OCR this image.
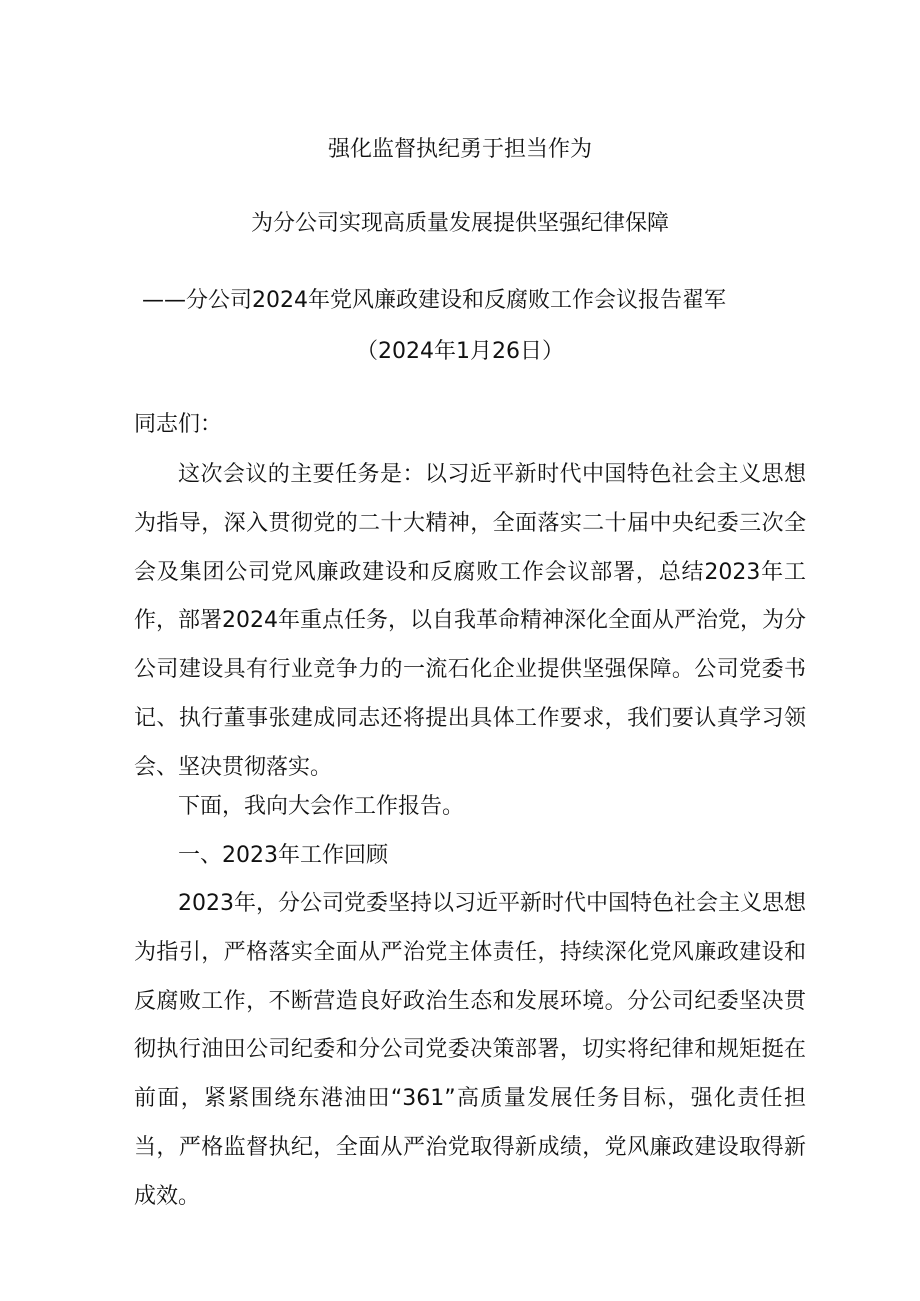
强化监督执纪勇于担当作为
为分公司实现高质量发展提供坚强纪律保障
——分公司2024年党风廉政建设和反腐败工作会议报告翟军
（2024年1月26日）
同志们：
这次会议的主要任务是：以习近平新时代中国特色社会主义思想为指导，深入贯彻党的二十大精神，全面落实二十届中央纪委三次全会及集团公司党风廉政建设和反腐败工作会议部署，总结2023年工作，部署2024年重点任务，以自我革命精神深化全面从严治党，为分公司建设具有行业竞争力的一流石化企业提供坚强保障。公司党委书记、执行董事张建成同志还将提出具体工作要求，我们要认真学习领会、坚决贯彻落实。
下面，我向大会作工作报告。
一、2023年工作回顾
2023年，分公司党委坚持以习近平新时代中国特色社会主义思想为指引，严格落实全面从严治党主体责任，持续深化党风廉政建设和反腐败工作，不断营造良好政治生态和发展环境。分公司纪委坚决贯彻执行油田公司纪委和分公司党委决策部署，切实将纪律和规矩挺在前面，紧紧围绕东港油田“361”高质量发展任务目标，强化责任担当，严格监督执纪，全面从严治党取得新成绩，党风廉政建设取得新成效。
